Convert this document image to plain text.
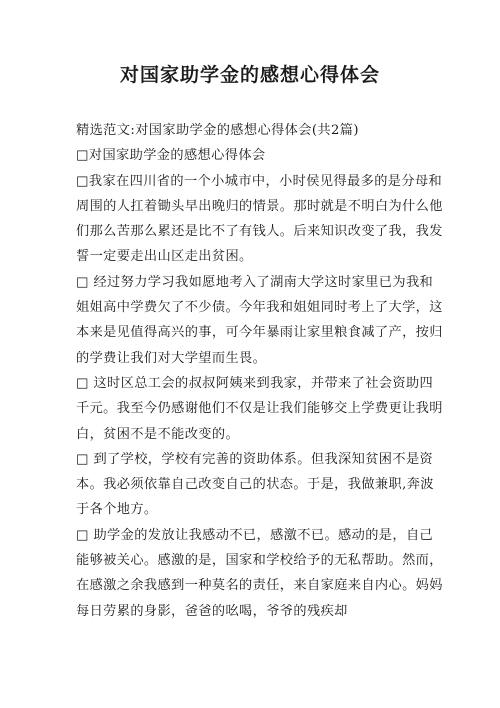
对国家助学金的感想心得体会

精选范文:对国家助学金的感想心得体会(共2篇)

□对国家助学金的感想心得体会

□我家在四川省的一个小城市中，小时侯见得最多的是分母和周围的人扛着锄头早出晚归的情景。那时就是不明白为什么他们那么苦那么累还是比不了有钱人。后来知识改变了我，我发誓一定要走出山区走出贫困。

□ 经过努力学习我如愿地考入了湖南大学这时家里已为我和姐姐高中学费欠了不少债。今年我和姐姐同时考上了大学，这本来是见值得高兴的事，可今年暴雨让家里粮食减了产，按归的学费让我们对大学望而生畏。

□ 这时区总工会的叔叔阿姨来到我家，并带来了社会资助四千元。我至今仍感谢他们不仅是让我们能够交上学费更让我明白，贫困不是不能改变的。

□ 到了学校，学校有完善的资助体系。但我深知贫困不是资本。我必须依靠自己改变自己的状态。于是，我做兼职,奔波于各个地方。

□ 助学金的发放让我感动不已，感激不已。感动的是，自己能够被关心。感激的是，国家和学校给予的无私帮助。然而，在感激之余我感到一种莫名的责任，来自家庭来自内心。妈妈每日劳累的身影，爸爸的吆喝，爷爷的残疾却
